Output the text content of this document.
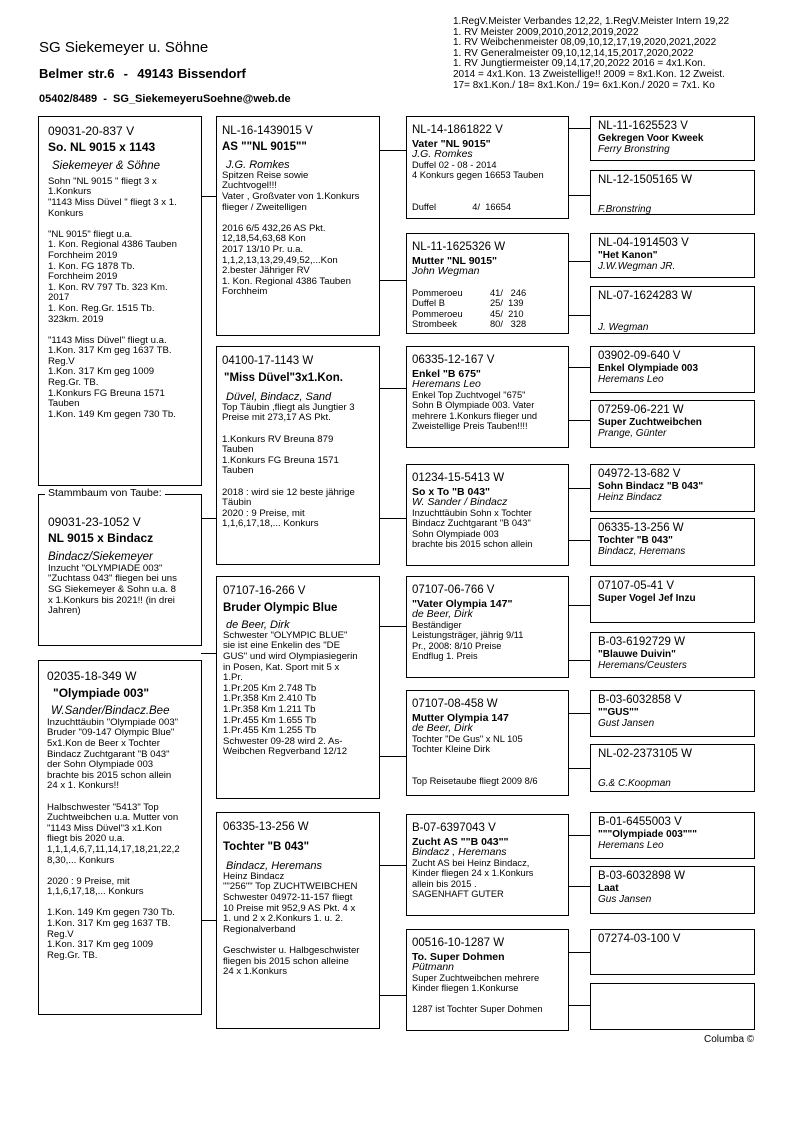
SG Siekemeyer u. Söhne
Belmer str.6  -  49143 Bissendorf
05402/8489 - SG_SiekemeyeruSoehne@web.de

1.RegV.Meister Verbandes 12,22, 1.RegV.Meister Intern 19,22

1. RV Meister 2009,2010,2012,2019,2022

1. RV Weibchenmeister 08,09,10,12,17,19,2020,2021,2022

1. RV Generalmeister 09,10,12,14,15,2017,2020,2022

1. RV Jungtiermeister 09,14,17,20,2022 2016 = 4x1.Kon.

2014 = 4x1.Kon. 13 Zweistellige!! 2009 = 8x1.Kon. 12 Zweist.

17= 8x1.Kon./ 18= 8x1.Kon./ 19= 6x1.Kon./ 2020 = 7x1. Ko

09031-20-837 V

So. NL 9015 x 1143

Siekemeyer & Söhne

Sohn "NL 9015 " fliegt 3 x

1.Konkurs

"1143 Miss Düvel " fliegt 3 x 1.

Konkurs

"NL 9015" fliegt u.a.

1. Kon. Regional 4386 Tauben

Forchheim 2019

1. Kon. FG 1878 Tb.

Forchheim 2019

1. Kon. RV 797 Tb. 323 Km.

2017

1. Kon. Reg.Gr. 1515 Tb.

323km. 2019

"1143 Miss Düvel" fliegt u.a.

1.Kon. 317 Km geg 1637 TB.

Reg.V

1.Kon. 317 Km geg 1009

Reg.Gr. TB.

1.Konkurs FG Breuna 1571

Tauben

1.Kon. 149 Km gegen 730 Tb.

09031-23-1052 V

NL 9015 x Bindacz

Bindacz/Siekemeyer

Inzucht "OLYMPIADE 003"

"Zuchtass 043" fliegen bei uns

SG Siekemeyer & Sohn u.a. 8

x 1.Konkurs bis 2021!! (in drei

Jahren)

Stammbaum von Taube:

02035-18-349 W

"Olympiade 003"

W.Sander/Bindacz.Bee

Inzuchttäubin "Olympiade 003"

Bruder "09-147 Olympic Blue"

5x1.Kon de Beer x Tochter

Bindacz Zuchtgarant "B 043"

der Sohn Olympiade 003

brachte bis 2015 schon allein

24 x 1. Konkurs!!

Halbschwester "5413" Top

Zuchtweibchen u.a. Mutter von

"1143 Miss Düvel"3 x1.Kon

fliegt bis 2020 u.a.

1,1,1,4,6,7,11,14,17,18,21,22,2

8,30,... Konkurs

2020 : 9 Preise, mit

1,1,6,17,18,... Konkurs

1.Kon. 149 Km gegen 730 Tb.

1.Kon. 317 Km geg 1637 TB.

Reg.V

1.Kon. 317 Km geg 1009

Reg.Gr. TB.

NL-16-1439015 V

AS ""NL 9015""

J.G. Romkes

Spitzen Reise sowie

Zuchtvogel!!!

Vater , Großvater von 1.Konkurs

flieger / Zweitelligen

2016 6/5 432,26 AS Pkt.

12,18,54,63,68 Kon

2017 13/10 Pr. u.a.

1,1,2,13,13,29,49,52,...Kon

2.bester Jähriger RV

1. Kon. Regional 4386 Tauben

Forchheim

04100-17-1143 W

"Miss Düvel"3x1.Kon.

Düvel, Bindacz, Sand

Top Täubin ,fliegt als Jungtier 3

Preise mit 273,17 AS Pkt.

1.Konkurs RV Breuna 879

Tauben

1.Konkurs FG Breuna 1571

Tauben

2018 : wird sie 12 beste jährige

Täubin

2020 : 9 Preise, mit

1,1,6,17,18,... Konkurs

07107-16-266 V

Bruder Olympic Blue

de Beer, Dirk

Schwester "OLYMPIC BLUE"

sie ist eine Enkelin des "DE

GUS" und wird Olympiasiegerin

in Posen, Kat. Sport mit 5 x

1.Pr.

1.Pr.205 Km 2.748 Tb

1.Pr.358 Km 2.410 Tb

1.Pr.358 Km 1.211 Tb

1.Pr.455 Km 1.655 Tb

1.Pr.455 Km 1.255 Tb

Schwester 09-28 wird 2. As-

Weibchen Regverband 12/12

06335-13-256 W

Tochter "B 043"

Bindacz, Heremans

Heinz Bindacz

""256"" Top ZUCHTWEIBCHEN

Schwester 04972-11-157 fliegt

10 Preise mit 952,9 AS Pkt. 4 x

1. und 2 x 2.Konkurs 1. u. 2.

Regionalverband

Geschwister u. Halbgeschwister

fliegen bis 2015 schon alleine

24 x 1.Konkurs

NL-14-1861822 V

Vater "NL 9015"

J.G. Romkes

Duffel 02 - 08 - 2014

4 Konkurs gegen 16653 Tauben

Duffel              4/  16654

NL-11-1625326 W

Mutter "NL 9015"

John Wegman

Pommeroeu	41/   246

Duffel B	25/  139

Pommeroeu	45/  210

Strombeek	80/   328

06335-12-167 V

Enkel "B 675"

Heremans Leo

Enkel Top Zuchtvogel "675"

Sohn B Olympiade 003. Vater

mehrere 1.Konkurs flieger und

Zweistellige Preis Tauben!!!!

01234-15-5413 W

So x To "B 043"

W. Sander / Bindacz

Inzuchttäubin Sohn x Tochter

Bindacz Zuchtgarant "B 043"

Sohn Olympiade 003

brachte bis 2015 schon allein

07107-06-766 V

"Vater Olympia 147"

de Beer, Dirk

Beständiger

Leistungsträger, jährig 9/11

Pr., 2008: 8/10 Preise

Endflug 1. Preis

07107-08-458 W

Mutter Olympia 147

de Beer, Dirk

Tochter "De Gus" x NL 105

Tochter Kleine Dirk

Top Reisetaube fliegt 2009 8/6

B-07-6397043 V

Zucht AS ""B 043""

Bindacz , Heremans

Zucht AS bei Heinz Bindacz,

Kinder fliegen 24 x 1.Konkurs

allein bis 2015 .

SAGENHAFT GUTER

00516-10-1287 W

To. Super Dohmen

Pütmann

Super Zuchtweibchen mehrere

Kinder fliegen 1.Konkurse

1287 ist Tochter Super Dohmen

NL-11-1625523 V

Gekregen Voor Kweek

Ferry Bronstring

NL-12-1505165 W

F.Bronstring

NL-04-1914503 V

"Het Kanon"

J.W.Wegman JR.

NL-07-1624283 W

J. Wegman

03902-09-640 V

Enkel Olympiade 003

Heremans Leo

07259-06-221 W

Super Zuchtweibchen

Prange, Günter

04972-13-682 V

Sohn Bindacz "B 043"

Heinz Bindacz

06335-13-256 W

Tochter "B 043"

Bindacz, Heremans

07107-05-41 V

Super Vogel Jef Inzu

B-03-6192729 W

"Blauwe Duivin"

Heremans/Ceusters

B-03-6032858 V

""GUS""

Gust Jansen

NL-02-2373105 W

G.& C.Koopman

B-01-6455003 V

"""Olympiade 003"""

Heremans Leo

B-03-6032898 W

Laat

Gus Jansen

07274-03-100 V

Columba ©
